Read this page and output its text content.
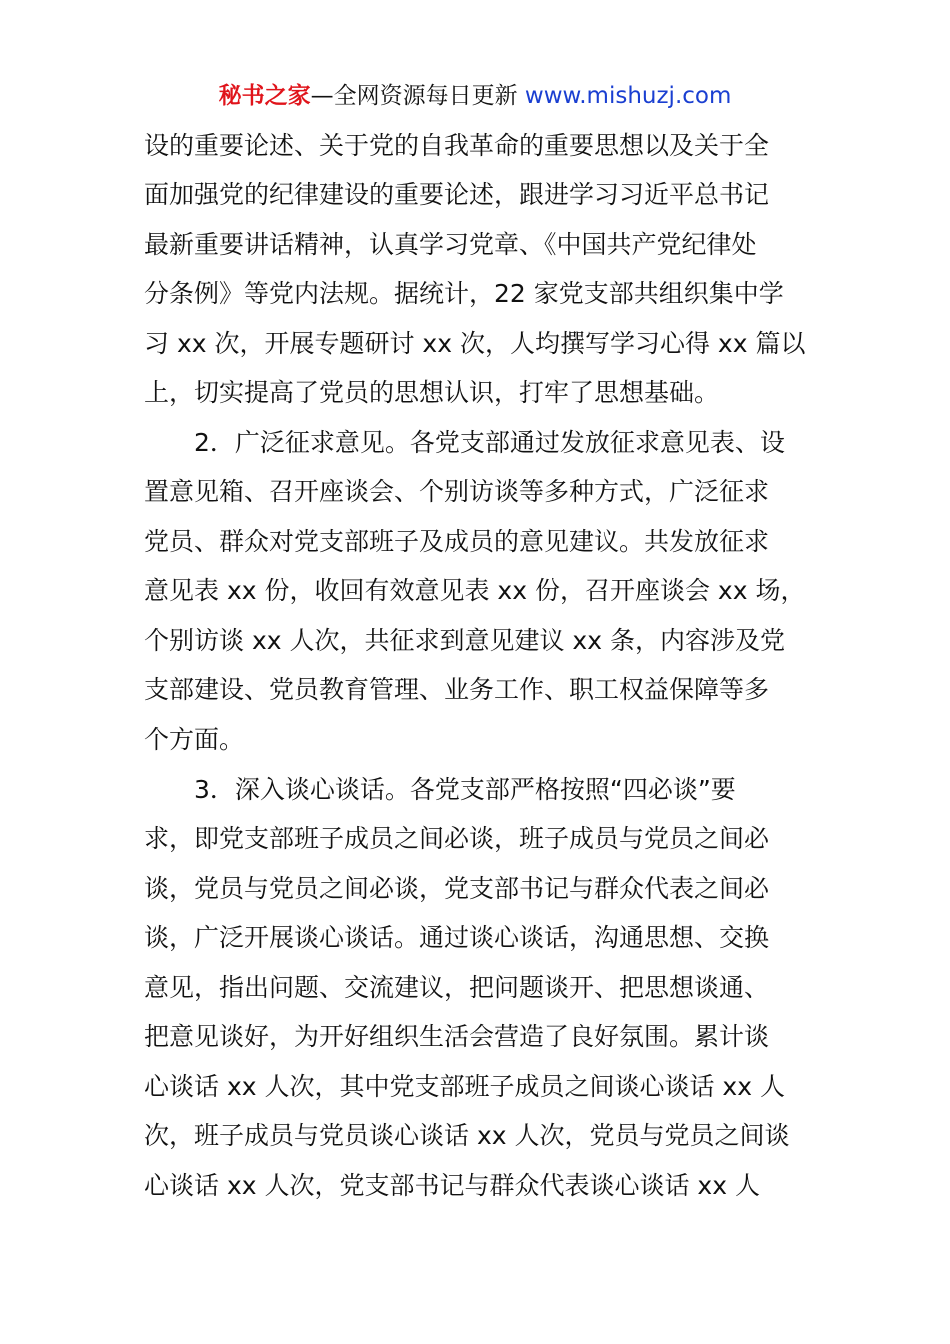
秘书之家—全网资源每日更新 www.mishuzj.com
设的重要论述、关于党的自我革命的重要思想以及关于全
面加强党的纪律建设的重要论述，跟进学习习近平总书记
最新重要讲话精神，认真学习党章、《中国共产党纪律处
分条例》等党内法规。据统计，22 家党支部共组织集中学
习 xx 次，开展专题研讨 xx 次，人均撰写学习心得 xx 篇以
上，切实提高了党员的思想认识，打牢了思想基础。
2．广泛征求意见。各党支部通过发放征求意见表、设
置意见箱、召开座谈会、个别访谈等多种方式，广泛征求
党员、群众对党支部班子及成员的意见建议。共发放征求
意见表 xx 份，收回有效意见表 xx 份，召开座谈会 xx 场，
个别访谈 xx 人次，共征求到意见建议 xx 条，内容涉及党
支部建设、党员教育管理、业务工作、职工权益保障等多
个方面。
3．深入谈心谈话。各党支部严格按照“四必谈”要
求，即党支部班子成员之间必谈，班子成员与党员之间必
谈，党员与党员之间必谈，党支部书记与群众代表之间必
谈，广泛开展谈心谈话。通过谈心谈话，沟通思想、交换
意见，指出问题、交流建议，把问题谈开、把思想谈通、
把意见谈好，为开好组织生活会营造了良好氛围。累计谈
心谈话 xx 人次，其中党支部班子成员之间谈心谈话 xx 人
次，班子成员与党员谈心谈话 xx 人次，党员与党员之间谈
心谈话 xx 人次，党支部书记与群众代表谈心谈话 xx 人
